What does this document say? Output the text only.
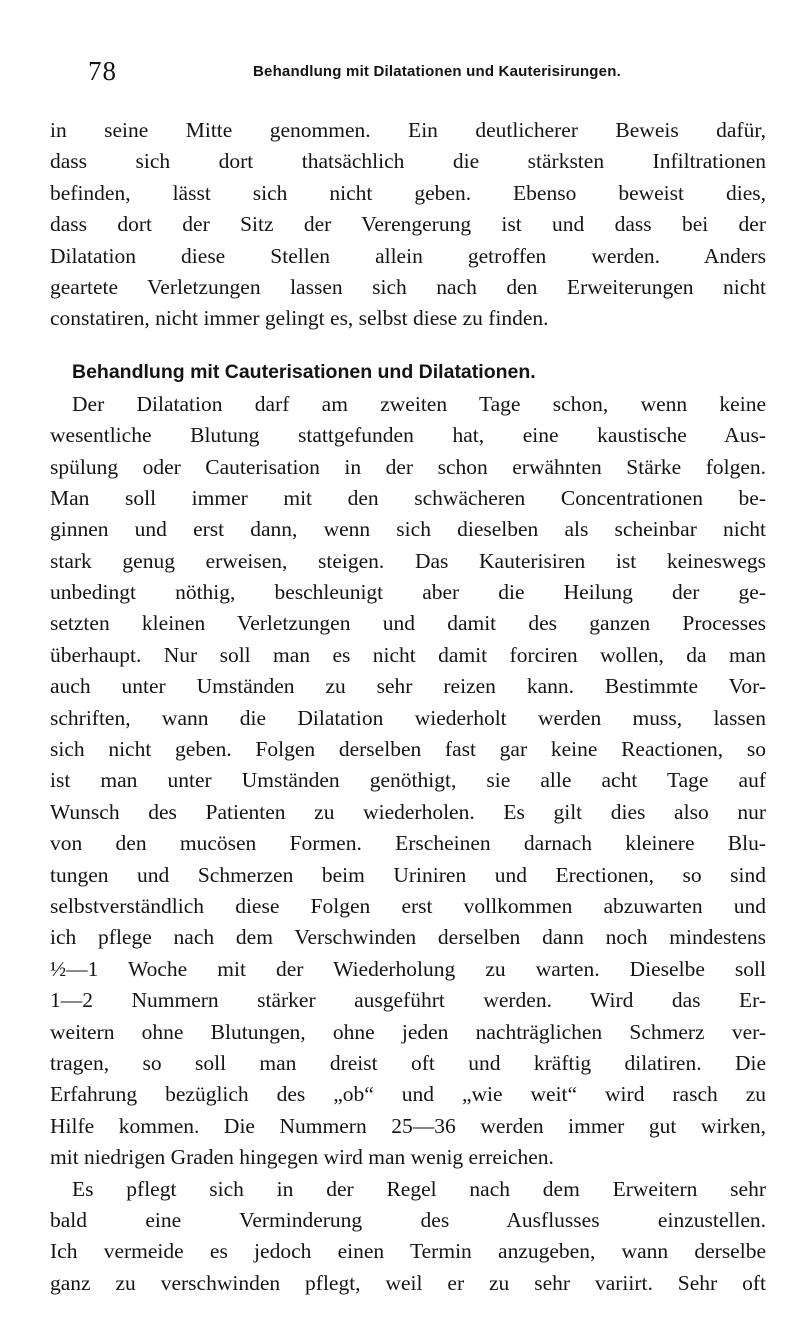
78	Behandlung mit Dilatationen und Kauterisirungen.
in seine Mitte genommen. Ein deutlicherer Beweis dafür,
dass sich dort thatsächlich die stärksten Infiltrationen
befinden, lässt sich nicht geben. Ebenso beweist dies,
dass dort der Sitz der Verengerung ist und dass bei der
Dilatation diese Stellen allein getroffen werden. Anders
geartete Verletzungen lassen sich nach den Erweiterungen nicht
constatiren, nicht immer gelingt es, selbst diese zu finden.
Behandlung mit Cauterisationen und Dilatationen.
Der Dilatation darf am zweiten Tage schon, wenn keine
wesentliche Blutung stattgefunden hat, eine kaustische Aus-
spülung oder Cauterisation in der schon erwähnten Stärke folgen.
Man soll immer mit den schwächeren Concentrationen be-
ginnen und erst dann, wenn sich dieselben als scheinbar nicht
stark genug erweisen, steigen. Das Kauterisiren ist keineswegs
unbedingt nöthig, beschleunigt aber die Heilung der ge-
setzten kleinen Verletzungen und damit des ganzen Processes
überhaupt. Nur soll man es nicht damit forciren wollen, da man
auch unter Umständen zu sehr reizen kann. Bestimmte Vor-
schriften, wann die Dilatation wiederholt werden muss, lassen
sich nicht geben. Folgen derselben fast gar keine Reactionen, so
ist man unter Umständen genöthigt, sie alle acht Tage auf
Wunsch des Patienten zu wiederholen. Es gilt dies also nur
von den mucösen Formen. Erscheinen darnach kleinere Blu-
tungen und Schmerzen beim Uriniren und Erectionen, so sind
selbstverständlich diese Folgen erst vollkommen abzuwarten und
ich pflege nach dem Verschwinden derselben dann noch mindestens
½—1 Woche mit der Wiederholung zu warten. Dieselbe soll
1—2 Nummern stärker ausgeführt werden. Wird das Er-
weitern ohne Blutungen, ohne jeden nachträglichen Schmerz ver-
tragen, so soll man dreist oft und kräftig dilatiren. Die
Erfahrung bezüglich des „ob“ und „wie weit“ wird rasch zu
Hilfe kommen. Die Nummern 25—36 werden immer gut wirken,
mit niedrigen Graden hingegen wird man wenig erreichen.
Es pflegt sich in der Regel nach dem Erweitern sehr
bald eine Verminderung des Ausflusses einzustellen.
Ich vermeide es jedoch einen Termin anzugeben, wann derselbe
ganz zu verschwinden pflegt, weil er zu sehr variirt. Sehr oft
